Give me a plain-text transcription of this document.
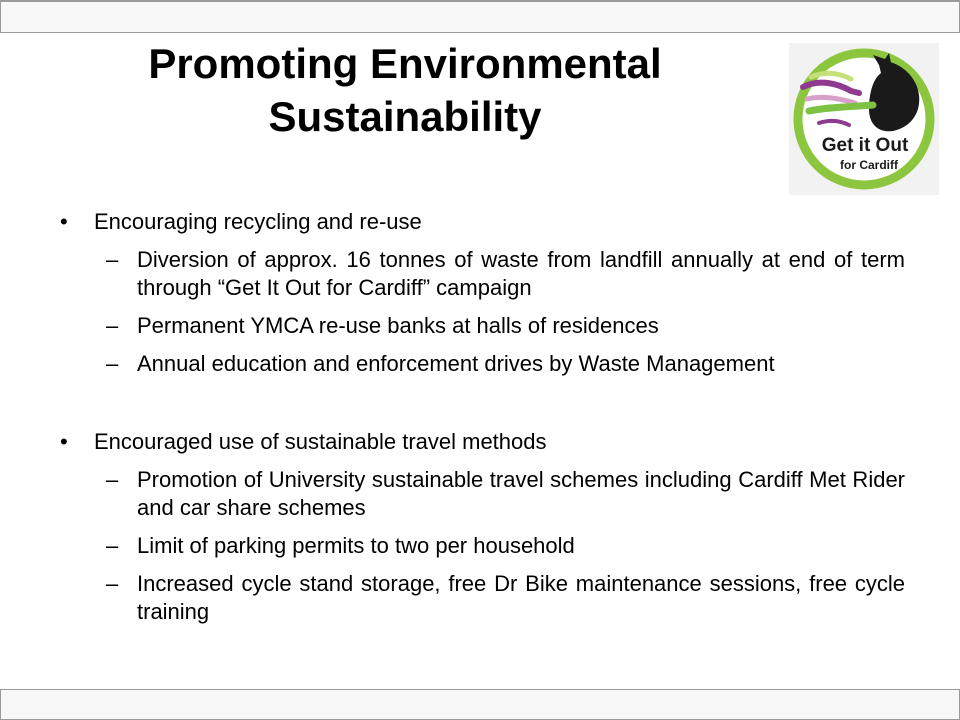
Promoting Environmental
Sustainability
Get it Out
for Cardiff
•	Encouraging recycling and re-use
– Diversion of approx. 16 tonnes of waste from landfill annually at end of term through “Get It Out for Cardiff” campaign
– Permanent YMCA re-use banks at halls of residences
– Annual education and enforcement drives by Waste Management
•	Encouraged use of sustainable travel methods
– Promotion of University sustainable travel schemes including Cardiff Met Rider and car share schemes
– Limit of parking permits to two per household
– Increased cycle stand storage, free Dr Bike maintenance sessions, free cycle training
